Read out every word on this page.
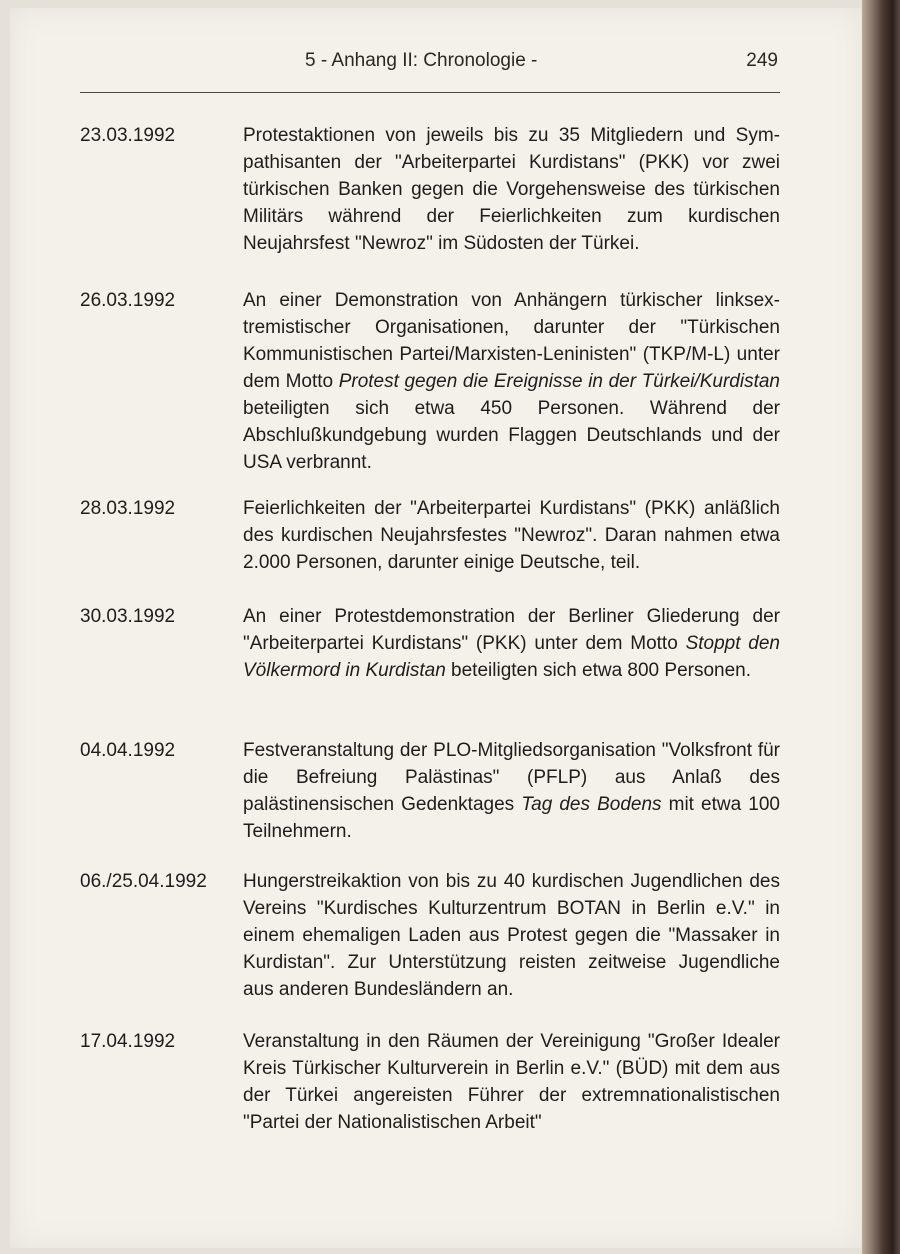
5 - Anhang II: Chronologie -	249
23.03.1992	Protestaktionen von jeweils bis zu 35 Mitgliedern und Sympathisanten der "Arbeiterpartei Kurdistans" (PKK) vor zwei türkischen Banken gegen die Vorgehensweise des türkischen Militärs während der Feierlichkeiten zum kurdischen Neujahrsfest "Newroz" im Südosten der Türkei.
26.03.1992	An einer Demonstration von Anhängern türkischer linksextremistischer Organisationen, darunter der "Türkischen Kommunistischen Partei/Marxisten-Leninisten" (TKP/M-L) unter dem Motto Protest gegen die Ereignisse in der Türkei/Kurdistan beteiligten sich etwa 450 Personen. Während der Abschlußkundgebung wurden Flaggen Deutschlands und der USA verbrannt.
28.03.1992	Feierlichkeiten der "Arbeiterpartei Kurdistans" (PKK) anläßlich des kurdischen Neujahrsfestes "Newroz". Daran nahmen etwa 2.000 Personen, darunter einige Deutsche, teil.
30.03.1992	An einer Protestdemonstration der Berliner Gliederung der "Arbeiterpartei Kurdistans" (PKK) unter dem Motto Stoppt den Völkermord in Kurdistan beteiligten sich etwa 800 Personen.
04.04.1992	Festveranstaltung der PLO-Mitgliedsorganisation "Volksfront für die Befreiung Palästinas" (PFLP) aus Anlaß des palästinensischen Gedenktages Tag des Bodens mit etwa 100 Teilnehmern.
06./25.04.1992	Hungerstreikaktion von bis zu 40 kurdischen Jugendlichen des Vereins "Kurdisches Kulturzentrum BOTAN in Berlin e.V." in einem ehemaligen Laden aus Protest gegen die "Massaker in Kurdistan". Zur Unterstützung reisten zeitweise Jugendliche aus anderen Bundesländern an.
17.04.1992	Veranstaltung in den Räumen der Vereinigung "Großer Idealer Kreis Türkischer Kulturverein in Berlin e.V." (BÜD) mit dem aus der Türkei angereisten Führer der extremnationalistischen "Partei der Nationalistischen Arbeit"
